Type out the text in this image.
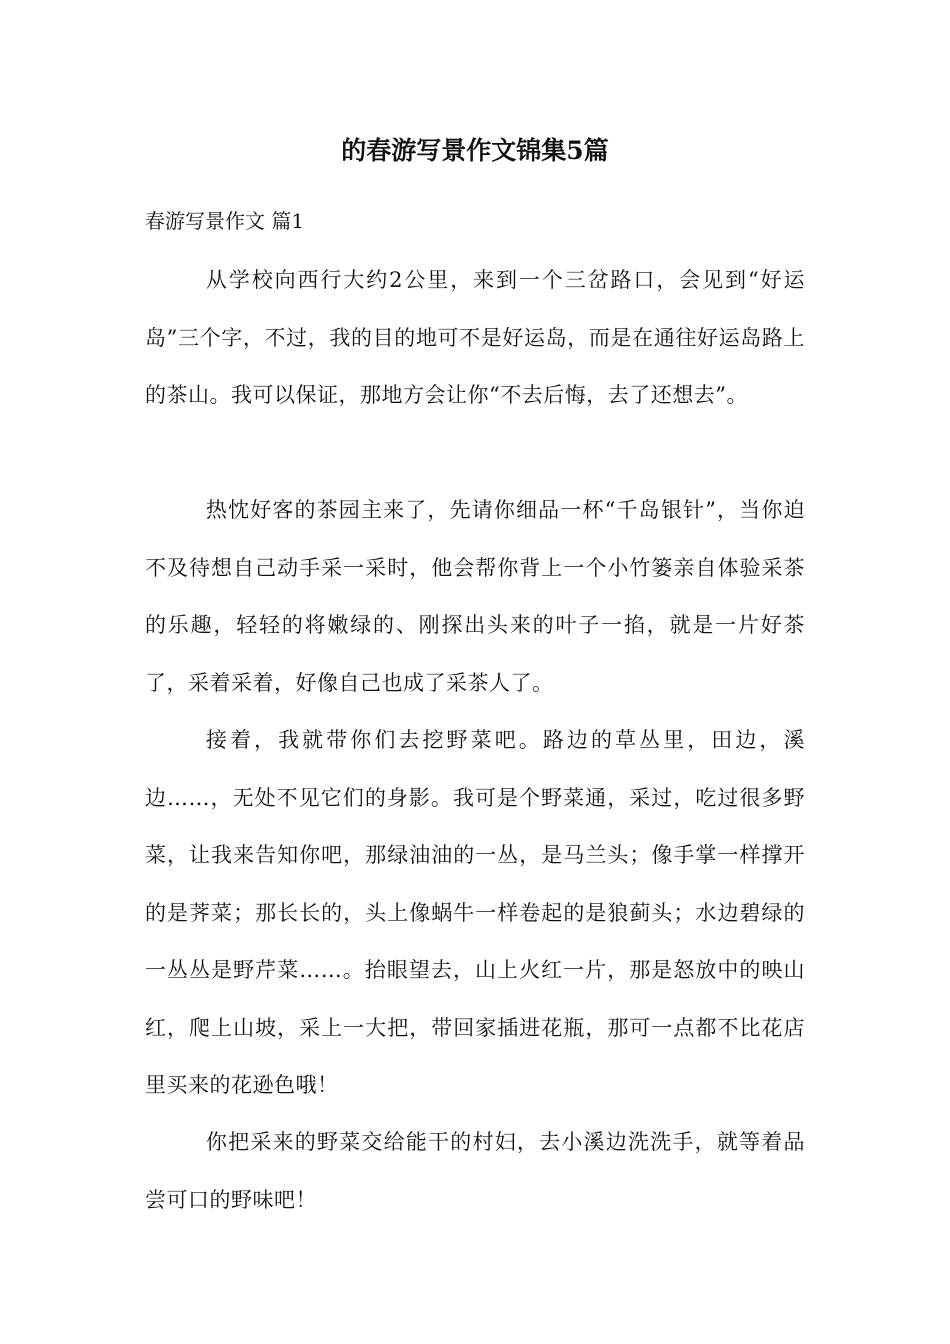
的春游写景作文锦集5篇
春游写景作文 篇1

从学校向西行大约2公里，来到一个三岔路口，会见到“好运岛”三个字，不过，我的目的地可不是好运岛，而是在通往好运岛路上的茶山。我可以保证，那地方会让你“不去后悔，去了还想去”。

热忱好客的茶园主来了，先请你细品一杯“千岛银针”，当你迫不及待想自己动手采一采时，他会帮你背上一个小竹篓亲自体验采茶的乐趣，轻轻的将嫩绿的、刚探出头来的叶子一掐，就是一片好茶了，采着采着，好像自己也成了采茶人了。

接着，我就带你们去挖野菜吧。路边的草丛里，田边，溪边……，无处不见它们的身影。我可是个野菜通，采过，吃过很多野菜，让我来告知你吧，那绿油油的一丛，是马兰头；像手掌一样撑开的是荠菜；那长长的，头上像蜗牛一样卷起的是狼蓟头；水边碧绿的一丛丛是野芹菜……。抬眼望去，山上火红一片，那是怒放中的映山红，爬上山坡，采上一大把，带回家插进花瓶，那可一点都不比花店里买来的花逊色哦！

你把采来的野菜交给能干的村妇，去小溪边洗洗手，就等着品尝可口的野味吧！
